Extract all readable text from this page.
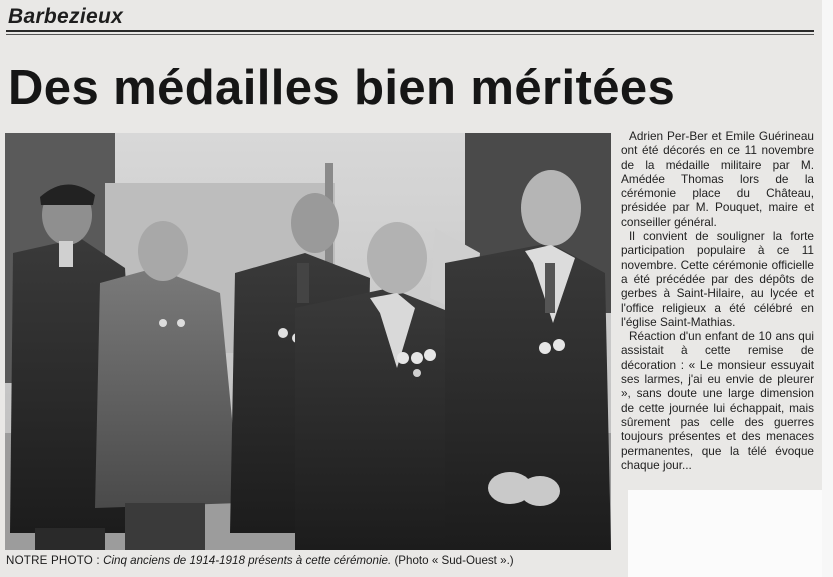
Barbezieux
Des médailles bien méritées

Adrien Per-Ber et Emile Guérineau ont été décorés en ce 11 novembre de la médaille militaire par M. Amédée Thomas lors de la cérémonie place du Château, présidée par M. Pouquet, maire et conseiller général.

Il convient de souligner la forte participation populaire à ce 11 novembre. Cette cérémonie officielle a été précédée par des dépôts de gerbes à Saint-Hilaire, au lycée et l'office religieux a été célébré en l'église Saint-Mathias.

Réaction d'un enfant de 10 ans qui assistait à cette remise de décoration : « Le monsieur essuyait ses larmes, j'ai eu envie de pleurer », sans doute une large dimension de cette journée lui échappait, mais sûrement pas celle des guerres toujours présentes et des menaces permanentes, que la télé évoque chaque jour...

NOTRE PHOTO : Cinq anciens de 1914-1918 présents à cette cérémonie. (Photo « Sud-Ouest ».)
